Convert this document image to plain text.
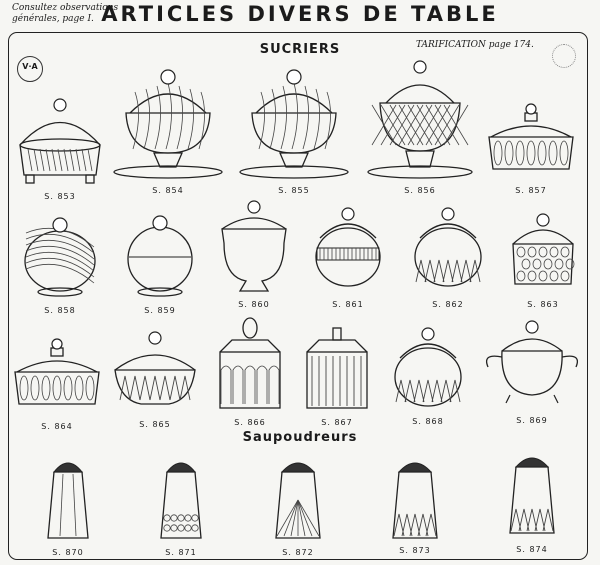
Consultez observations
générales, page I. ARTICLES DIVERS DE TABLE
V·A
SUCRIERS	TARIFICATION page 174.
Saupoudreurs
S. 853
S. 854	S. 855	S. 856	S. 857
S. 858	S. 859
S. 860	S. 861	S. 862	S. 863
S. 864	S. 865	S. 866	S. 867	S. 868	S. 869
S. 870	S. 871	S. 872	S. 873	S. 874
